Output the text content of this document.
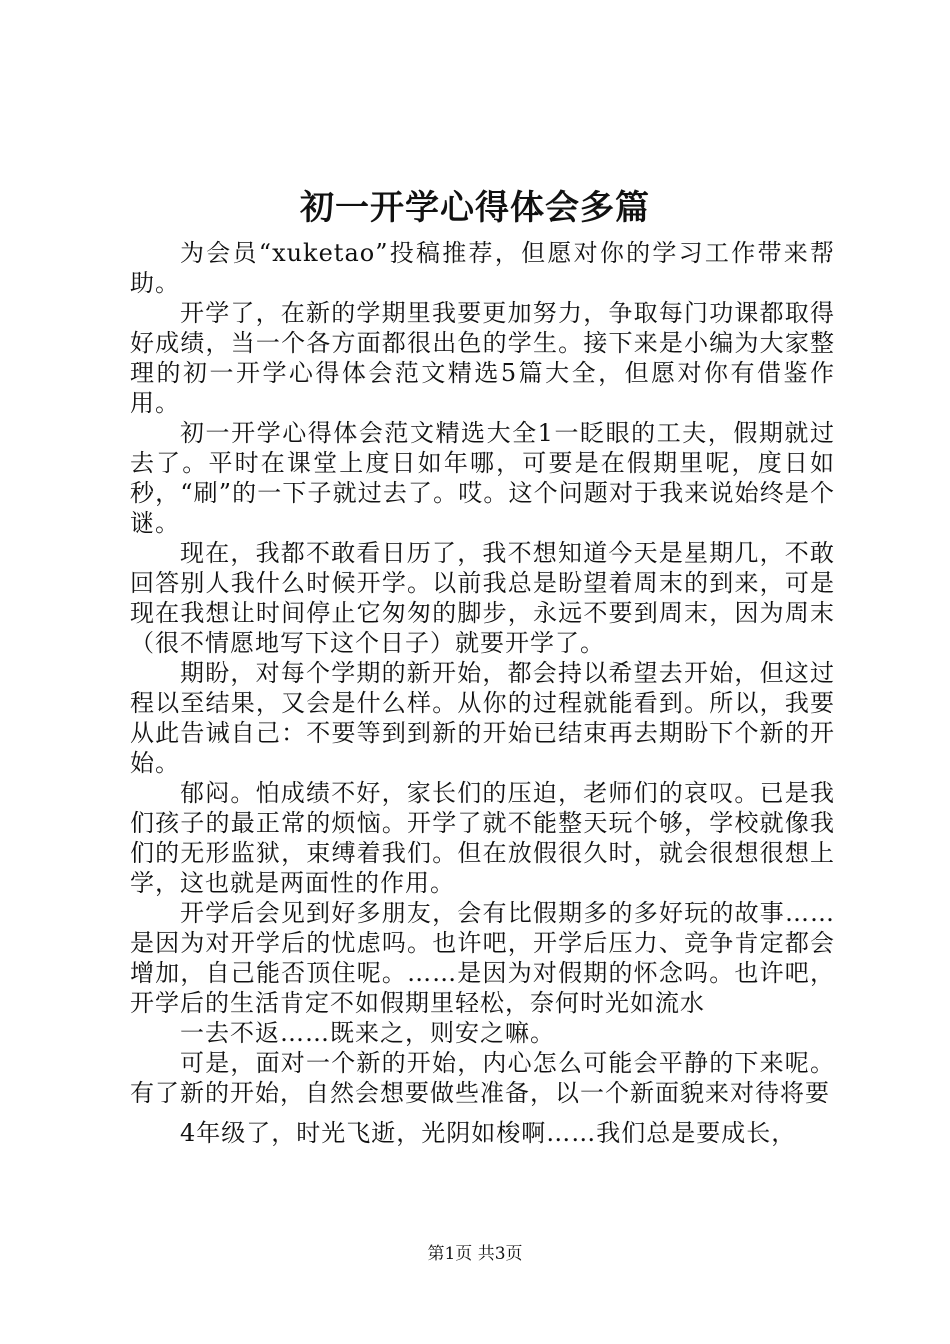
初一开学心得体会多篇

为会员“xuketao”投稿推荐，但愿对你的学习工作带来帮助。

开学了，在新的学期里我要更加努力，争取每门功课都取得好成绩，当一个各方面都很出色的学生。接下来是小编为大家整理的初一开学心得体会范文精选5篇大全，但愿对你有借鉴作用。

初一开学心得体会范文精选大全1一眨眼的工夫，假期就过去了。平时在课堂上度日如年哪，可要是在假期里呢，度日如秒，“刷”的一下子就过去了。哎。这个问题对于我来说始终是个谜。

现在，我都不敢看日历了，我不想知道今天是星期几，不敢回答别人我什么时候开学。以前我总是盼望着周末的到来，可是现在我想让时间停止它匆匆的脚步，永远不要到周末，因为周末（很不情愿地写下这个日子）就要开学了。

期盼，对每个学期的新开始，都会持以希望去开始，但这过程以至结果，又会是什么样。从你的过程就能看到。所以，我要从此告诫自己：不要等到到新的开始已结束再去期盼下个新的开始。

郁闷。怕成绩不好，家长们的压迫，老师们的哀叹。已是我们孩子的最正常的烦恼。开学了就不能整天玩个够，学校就像我们的无形监狱，束缚着我们。但在放假很久时，就会很想很想上学，这也就是两面性的作用。

开学后会见到好多朋友，会有比假期多的多好玩的故事……是因为对开学后的忧虑吗。也许吧，开学后压力、竞争肯定都会增加，自己能否顶住呢。……是因为对假期的怀念吗。也许吧，开学后的生活肯定不如假期里轻松，奈何时光如流水

一去不返……既来之，则安之嘛。

可是，面对一个新的开始，内心怎么可能会平静的下来呢。有了新的开始，自然会想要做些准备，以一个新面貌来对待将要

4年级了，时光飞逝，光阴如梭啊……我们总是要成长，

第1页 共3页
